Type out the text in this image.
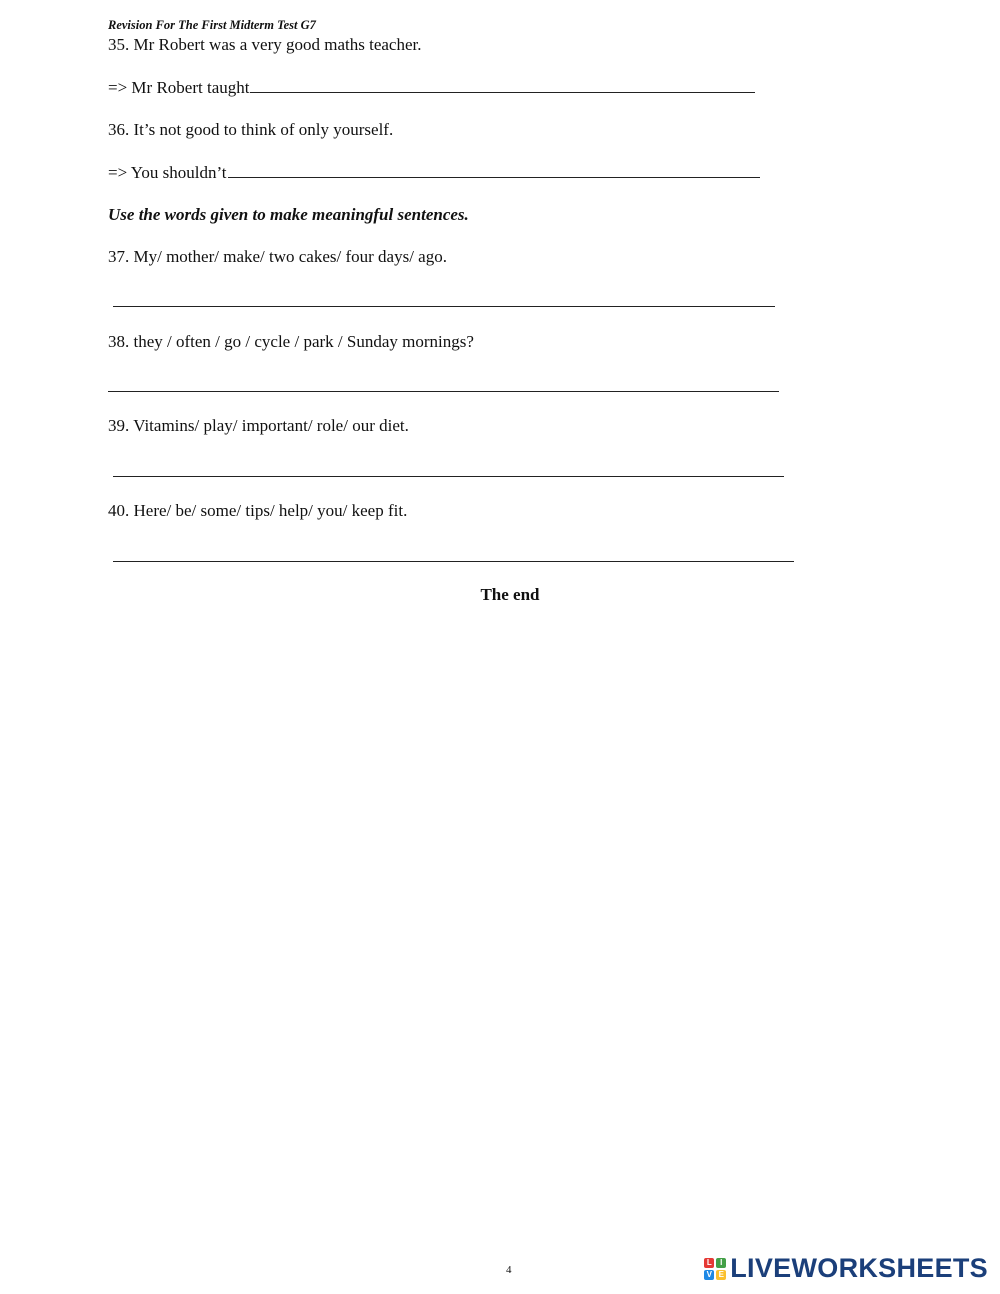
Revision For The First Midterm Test G7
35. Mr Robert was a very good maths teacher.
=> Mr Robert taught
36. It’s not good to think of only yourself.
=> You shouldn’t
Use the words given to make meaningful sentences.
37. My/ mother/ make/ two cakes/ four days/ ago.
38. they / often / go / cycle / park / Sunday mornings?
39. Vitamins/ play/ important/ role/ our diet.
40. Here/ be/ some/ tips/ help/ you/ keep fit.
The end
4
L	I
V E LIVEWORKSHEETS
